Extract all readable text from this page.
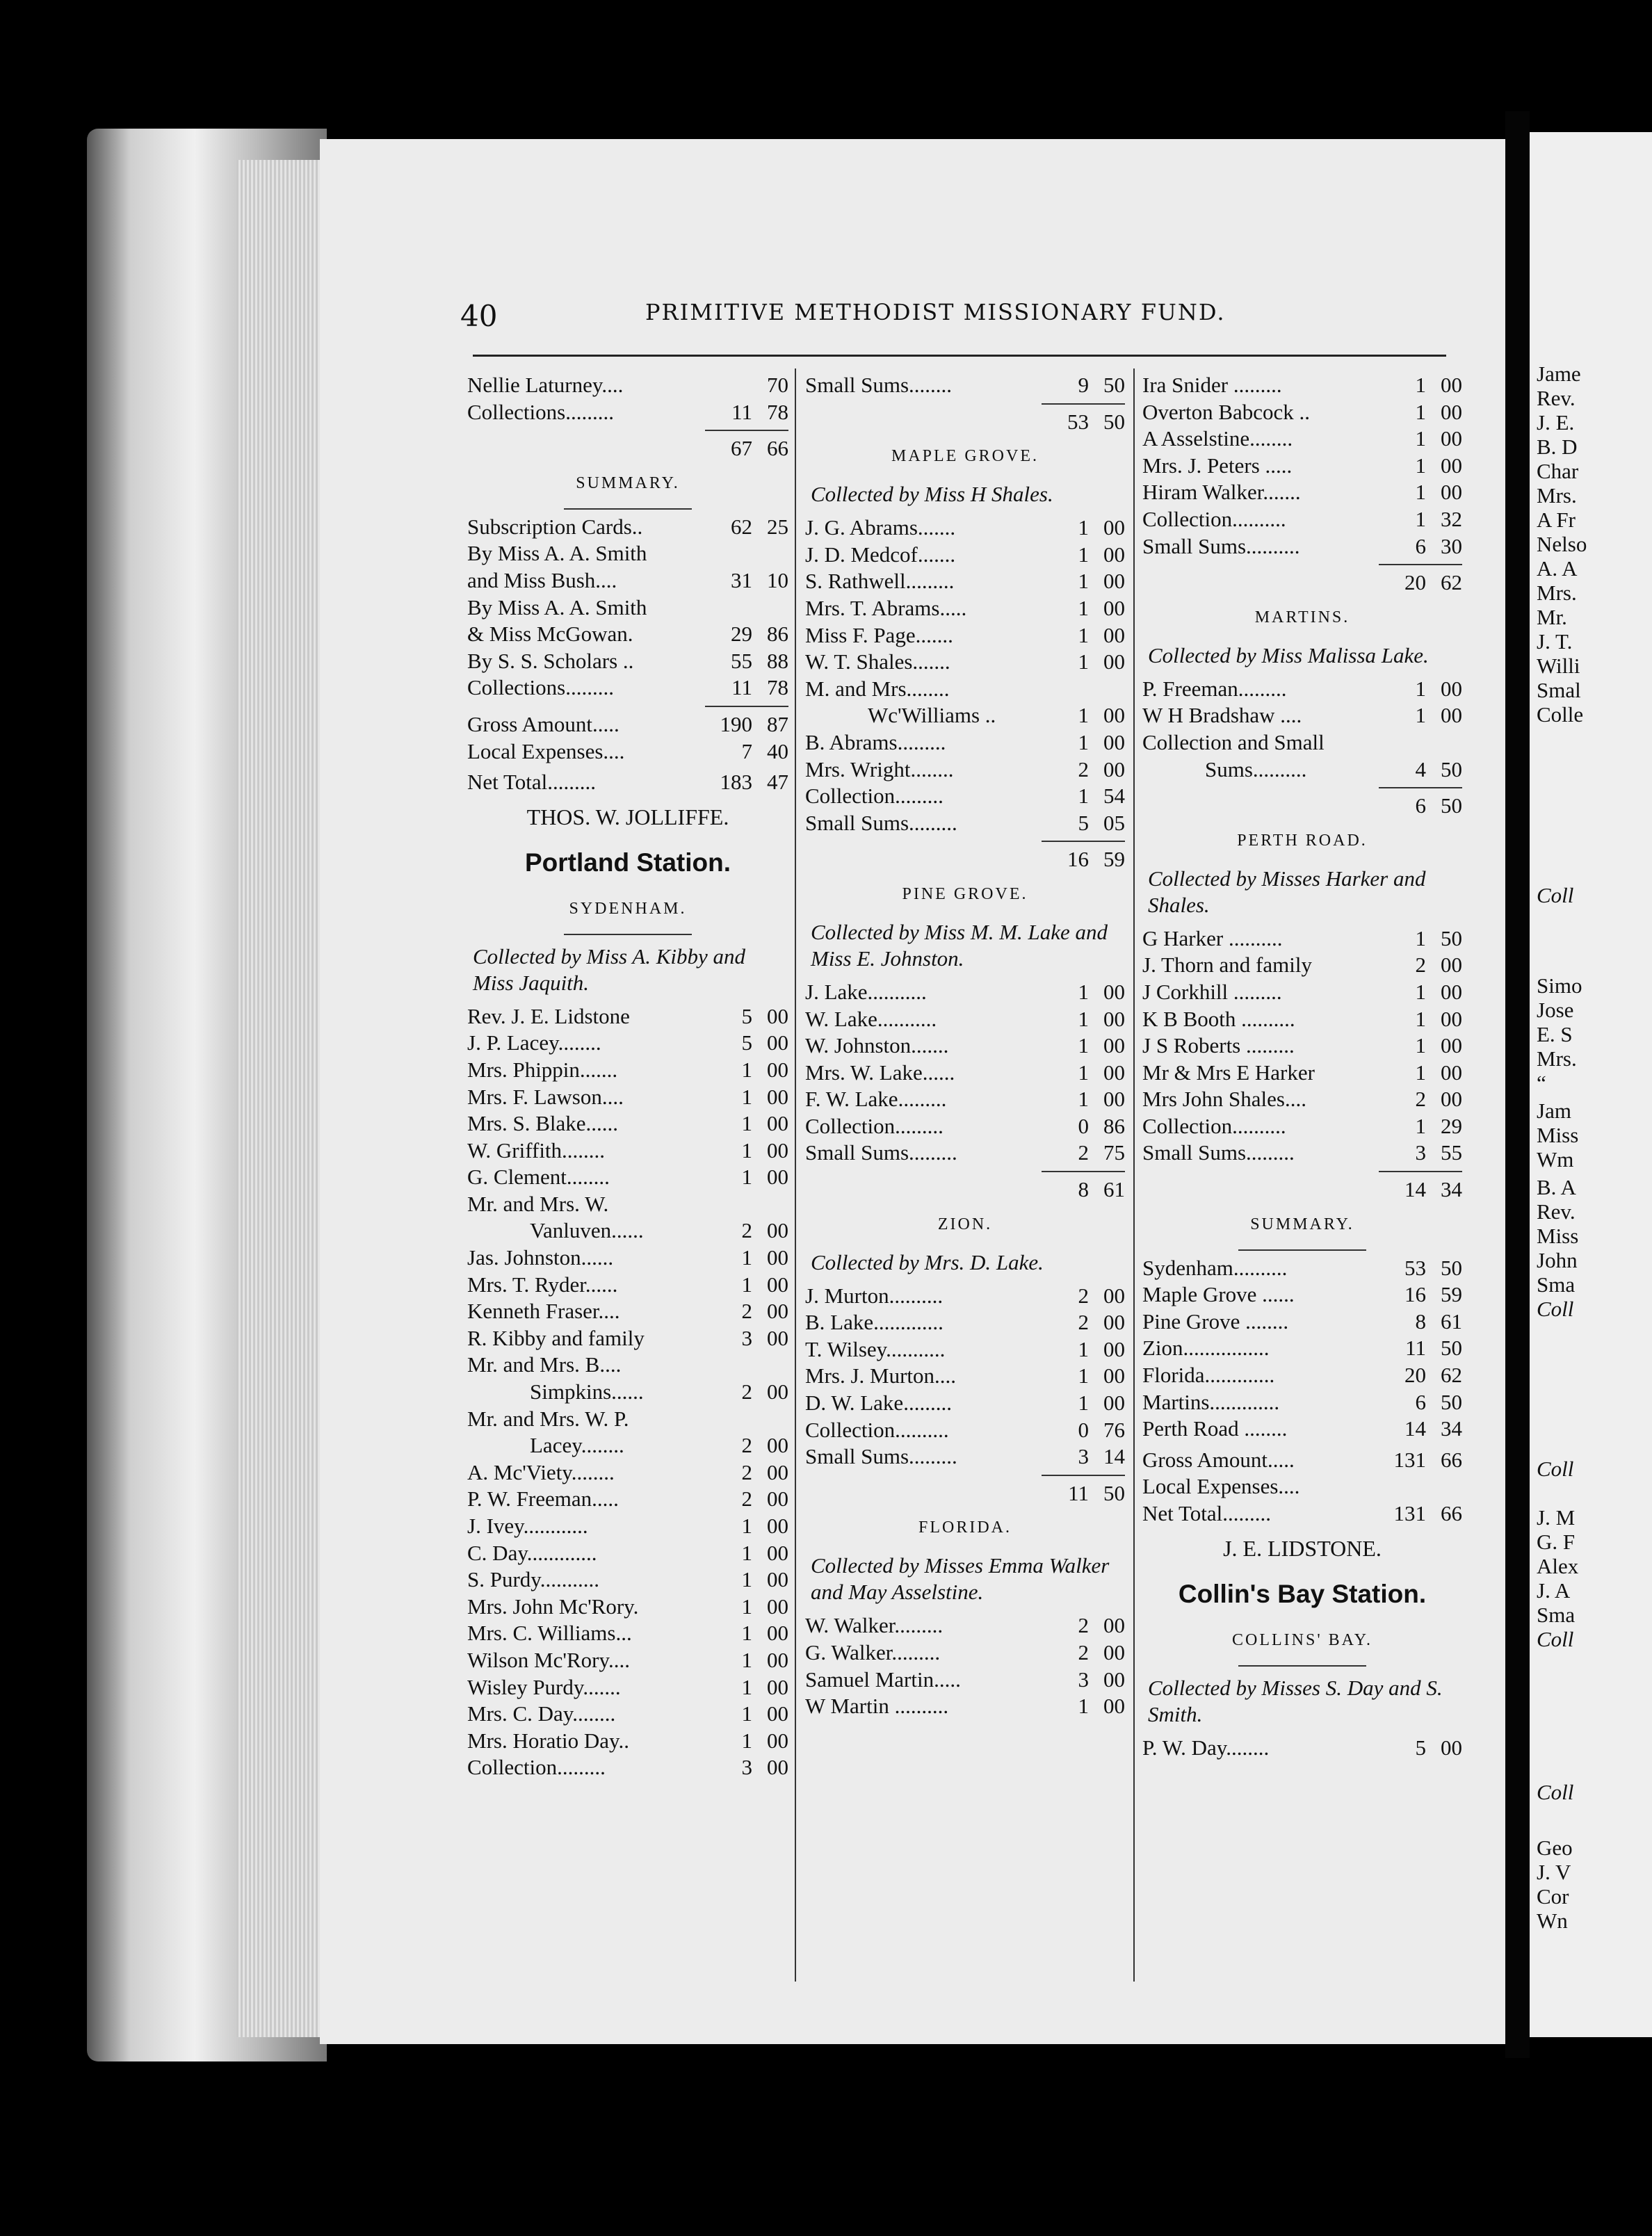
40	PRIMITIVE METHODIST MISSIONARY FUND.
Nellie Laturney....	70
Collections.........	11 78
67 66
SUMMARY.
Subscription Cards..	62 25
By Miss A. A. Smith
and Miss Bush....	31 10
By Miss A. A. Smith
& Miss McGowan.	29 86
By S. S. Scholars ..	55 88
Collections.........	11 78
Gross Amount.....	190 87
Local Expenses....	7 40
Net Total.........	183 47
THOS. W. JOLLIFFE.
Portland Station.
SYDENHAM.
Collected by Miss A. Kibby and Miss Jaquith.
Rev. J. E. Lidstone	5 00
J. P. Lacey........	5 00
Mrs. Phippin.......	1 00
Mrs. F. Lawson....	1 00
Mrs. S. Blake......	1 00
W. Griffith........	1 00
G. Clement........	1 00
Mr. and Mrs. W.
Vanluven......	2 00
Jas. Johnston......	1 00
Mrs. T. Ryder......	1 00
Kenneth Fraser....	2 00
R. Kibby and family	3 00
Mr. and Mrs. B....
Simpkins......	2 00
Mr. and Mrs. W. P.
Lacey........	2 00
A. Mc'Viety........	2 00
P. W. Freeman.....	2 00
J. Ivey............	1 00
C. Day.............	1 00
S. Purdy...........	1 00
Mrs. John Mc'Rory.	1 00
Mrs. C. Williams...	1 00
Wilson Mc'Rory....	1 00
Wisley Purdy.......	1 00
Mrs. C. Day........	1 00
Mrs. Horatio Day..	1 00
Collection.........	3 00
Small Sums........	9 50
53 50
MAPLE GROVE.
Collected by Miss H Shales.
J. G. Abrams.......	1 00
J. D. Medcof.......	1 00
S. Rathwell.........	1 00
Mrs. T. Abrams.....	1 00
Miss F. Page.......	1 00
W. T. Shales.......	1 00
M. and Mrs........
Wc'Williams ..	1 00
B. Abrams.........	1 00
Mrs. Wright........	2 00
Collection.........	1 54
Small Sums.........	5 05
16 59
PINE GROVE.
Collected by Miss M. M. Lake and Miss E. Johnston.
J. Lake...........	1 00
W. Lake...........	1 00
W. Johnston.......	1 00
Mrs. W. Lake......	1 00
F. W. Lake.........	1 00
Collection.........	0 86
Small Sums.........	2 75
8 61
ZION.
Collected by Mrs. D. Lake.
J. Murton..........	2 00
B. Lake.............	2 00
T. Wilsey...........	1 00
Mrs. J. Murton....	1 00
D. W. Lake.........	1 00
Collection..........	0 76
Small Sums.........	3 14
11 50
FLORIDA.
Collected by Misses Emma Walker and May Asselstine.
W. Walker.........	2 00
G. Walker.........	2 00
Samuel Martin.....	3 00
W Martin ..........	1 00
Ira Snider .........	1 00
Overton Babcock ..	1 00
A Asselstine........	1 00
Mrs. J. Peters .....	1 00
Hiram Walker.......	1 00
Collection..........	1 32
Small Sums..........	6 30
20 62
MARTINS.
Collected by Miss Malissa Lake.
P. Freeman.........	1 00
W H Bradshaw ....	1 00
Collection and Small
Sums..........	4 50
6 50
PERTH ROAD.
Collected by Misses Harker and Shales.
G Harker ..........	1 50
J. Thorn and family	2 00
J Corkhill .........	1 00
K B Booth ..........	1 00
J S Roberts .........	1 00
Mr & Mrs E Harker	1 00
Mrs John Shales....	2 00
Collection..........	1 29
Small Sums.........	3 55
14 34
SUMMARY.
Sydenham..........	53 50
Maple Grove ......	16 59
Pine Grove ........	8 61
Zion................	11 50
Florida.............	20 62
Martins.............	6 50
Perth Road ........	14 34
Gross Amount.....	131 66
Local Expenses....
Net Total.........	131 66
J. E. LIDSTONE.
Collin's Bay Station.
COLLINS' BAY.
Collected by Misses S. Day and S. Smith.
P. W. Day........	5 00
Jame
Rev.
J. E.
B. D
Char
Mrs.
A Fr
Nelso
A. A
Mrs.
Mr.
J. T.
Willi
Smal
Colle
Coll
Simo
Jose
E. S
Mrs.
“
Jam
Miss
Wm
B. A
Rev.
Miss
John
Sma
Coll
Coll
J. M
G. F
Alex
J. A
Sma
Coll
Coll
Geo
J. V
Cor
Wn
